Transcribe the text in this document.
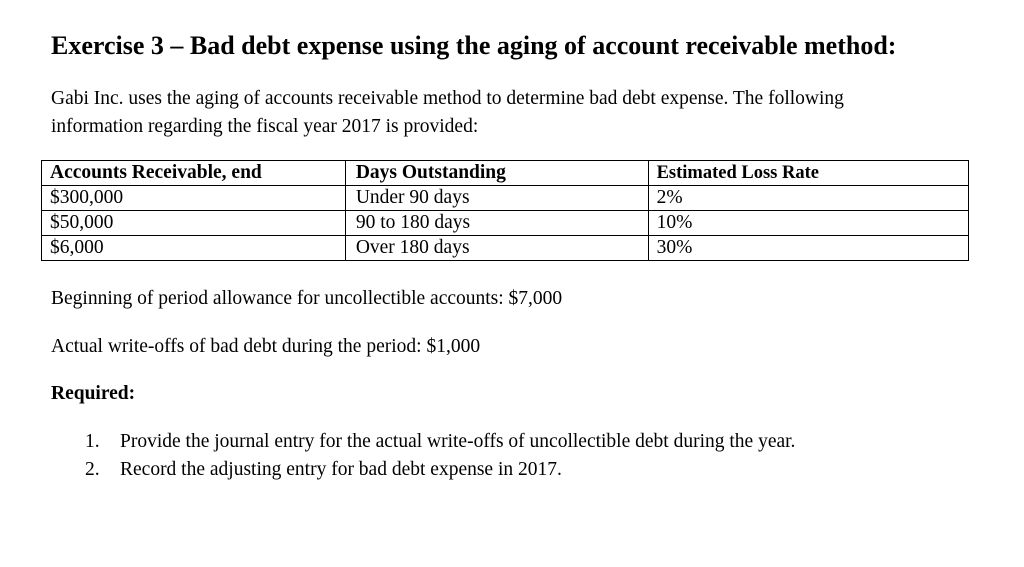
Exercise 3 – Bad debt expense using the aging of account receivable method:

Gabi Inc. uses the aging of accounts receivable method to determine bad debt expense. The following
information regarding the fiscal year 2017 is provided:

Accounts Receivable, end	Days Outstanding	Estimated Loss Rate
$300,000	Under 90 days	2%
$50,000	90 to 180 days	10%
$6,000	Over 180 days	30%

Beginning of period allowance for uncollectible accounts: $7,000

Actual write-offs of bad debt during the period: $1,000

Required:

1.	Provide the journal entry for the actual write-offs of uncollectible debt during the year.
2.	Record the adjusting entry for bad debt expense in 2017.
